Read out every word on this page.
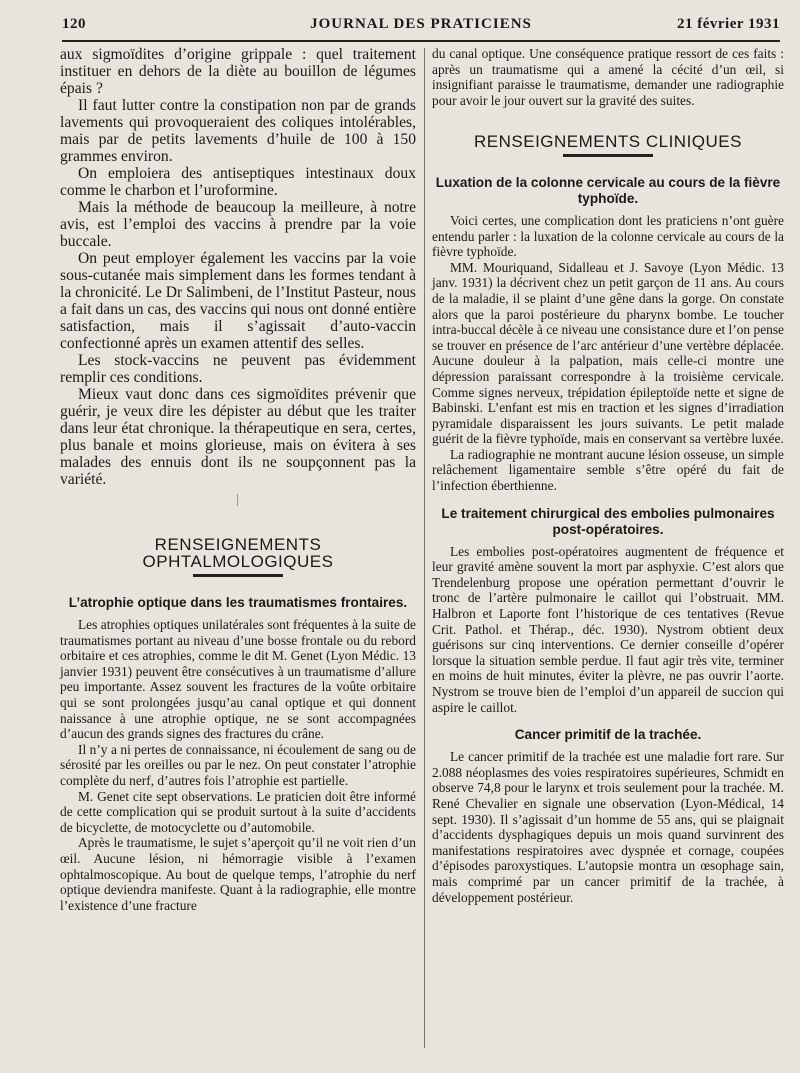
120	JOURNAL DES PRATICIENS	21 février 1931

aux sigmoïdites d’origine grippale : quel traitement instituer en dehors de la diète au bouillon de légumes épais ?

Il faut lutter contre la constipation non par de grands lavements qui provoqueraient des coliques intolérables, mais par de petits lavements d’huile de 100 à 150 grammes environ.

On emploiera des antiseptiques intestinaux doux comme le charbon et l’uroformine.

Mais la méthode de beaucoup la meilleure, à notre avis, est l’emploi des vaccins à prendre par la voie buccale.

On peut employer également les vaccins par la voie sous-cutanée mais simplement dans les formes tendant à la chronicité. Le Dr Salimbeni, de l’Institut Pasteur, nous a fait dans un cas, des vaccins qui nous ont donné entière satisfaction, mais il s’agissait d’auto-vaccin confectionné après un examen attentif des selles.

Les stock-vaccins ne peuvent pas évidemment remplir ces conditions.

Mieux vaut donc dans ces sigmoïdites prévenir que guérir, je veux dire les dépister au début que les traiter dans leur état chronique. la thérapeutique en sera, certes, plus banale et moins glorieuse, mais on évitera à ses malades des ennuis dont ils ne soupçonnent pas la variété.

RENSEIGNEMENTS OPHTALMOLOGIQUES
L’atrophie optique dans les traumatismes frontaires.

Les atrophies optiques unilatérales sont fréquentes à la suite de traumatismes portant au niveau d’une bosse frontale ou du rebord orbitaire et ces atrophies, comme le dit M. Genet (Lyon Médic. 13 janvier 1931) peuvent être consécutives à un traumatisme d’allure peu importante. Assez souvent les fractures de la voûte orbitaire qui se sont prolongées jusqu’au canal optique et qui donnent naissance à une atrophie optique, ne se sont accompagnées d’aucun des grands signes des fractures du crâne.

Il n’y a ni pertes de connaissance, ni écoulement de sang ou de sérosité par les oreilles ou par le nez. On peut constater l’atrophie complète du nerf, d’autres fois l’atrophie est partielle.

M. Genet cite sept observations. Le praticien doit être informé de cette complication qui se produit surtout à la suite d’accidents de bicyclette, de motocyclette ou d’automobile.

Après le traumatisme, le sujet s’aperçoit qu’il ne voit rien d’un œil. Aucune lésion, ni hémorragie visible à l’examen ophtalmoscopique. Au bout de quelque temps, l’atrophie du nerf optique deviendra manifeste. Quant à la radiographie, elle montre l’existence d’une fracture

du canal optique. Une conséquence pratique ressort de ces faits : après un traumatisme qui a amené la cécité d’un œil, si insignifiant paraisse le traumatisme, demander une radiographie pour avoir le jour ouvert sur la gravité des suites.

RENSEIGNEMENTS CLINIQUES
Luxation de la colonne cervicale au cours de la fièvre typhoïde.

Voici certes, une complication dont les praticiens n’ont guère entendu parler : la luxation de la colonne cervicale au cours de la fièvre typhoïde.

MM. Mouriquand, Sidalleau et J. Savoye (Lyon Médic. 13 janv. 1931) la décrivent chez un petit garçon de 11 ans. Au cours de la maladie, il se plaint d’une gêne dans la gorge. On constate alors que la paroi postérieure du pharynx bombe. Le toucher intra-buccal décèle à ce niveau une consistance dure et l’on pense se trouver en présence de l’arc antérieur d’une vertèbre déplacée. Aucune douleur à la palpation, mais celle-ci montre une dépression paraissant correspondre à la troisième cervicale. Comme signes nerveux, trépidation épileptoïde nette et signe de Babinski. L’enfant est mis en traction et les signes d’irradiation pyramidale disparaissent les jours suivants. Le petit malade guérit de la fièvre typhoïde, mais en conservant sa vertèbre luxée.

La radiographie ne montrant aucune lésion osseuse, un simple relâchement ligamentaire semble s’être opéré du fait de l’infection éberthienne.

Le traitement chirurgical des embolies pulmonaires post-opératoires.

Les embolies post-opératoires augmentent de fréquence et leur gravité amène souvent la mort par asphyxie. C’est alors que Trendelenburg propose une opération permettant d’ouvrir le tronc de l’artère pulmonaire le caillot qui l’obstruait. MM. Halbron et Laporte font l’historique de ces tentatives (Revue Crit. Pathol. et Thérap., déc. 1930). Nystrom obtient deux guérisons sur cinq interventions. Ce dernier conseille d’opérer lorsque la situation semble perdue. Il faut agir très vite, terminer en moins de huit minutes, éviter la plèvre, ne pas ouvrir l’aorte. Nystrom se trouve bien de l’emploi d’un appareil de succion qui aspire le caillot.

Cancer primitif de la trachée.

Le cancer primitif de la trachée est une maladie fort rare. Sur 2.088 néoplasmes des voies respiratoires supérieures, Schmidt en observe 74,8 pour le larynx et trois seulement pour la trachée. M. René Chevalier en signale une observation (Lyon-Médical, 14 sept. 1930). Il s’agissait d’un homme de 55 ans, qui se plaignait d’accidents dysphagiques depuis un mois quand survinrent des manifestations respiratoires avec dyspnée et cornage, coupées d’épisodes paroxystiques. L’autopsie montra un œsophage sain, mais comprimé par un cancer primitif de la trachée, à développement postérieur.
